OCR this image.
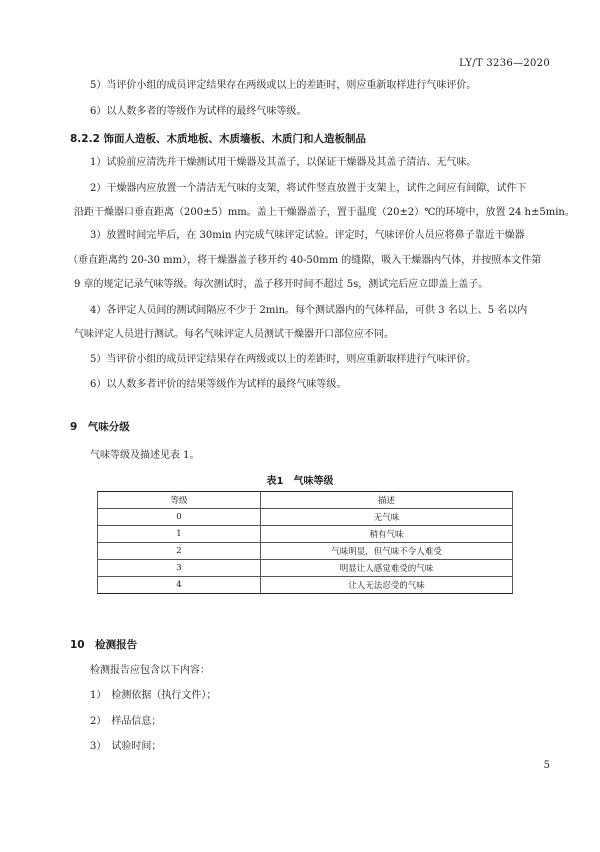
LY/T 3236—2020
5）当评价小组的成员评定结果存在两级或以上的差距时，则应重新取样进行气味评价。
6）以人数多者的等级作为试样的最终气味等级。
8.2.2 饰面人造板、木质地板、木质墙板、木质门和人造板制品
1）试验前应清洗并干燥测试用干燥器及其盖子，以保证干燥器及其盖子清洁、无气味。
2）干燥器内应放置一个清洁无气味的支架，将试件竖直放置于支架上，试件之间应有间隙，试件下
沿距干燥器口垂直距离（200±5）mm。盖上干燥器盖子，置于温度（20±2）℃的环境中，放置 24 h±5min。
3）放置时间完毕后，在 30min 内完成气味评定试验。评定时，气味评价人员应将鼻子靠近干燥器
（垂直距离约 20-30 mm），将干燥器盖子移开约 40-50mm 的缝隙，吸入干燥器内气体，并按照本文件第
9 章的规定记录气味等级。每次测试时，盖子移开时间不超过 5s，测试完后应立即盖上盖子。
4）各评定人员间的测试间隔应不少于 2min。每个测试器内的气体样品，可供 3 名以上、5 名以内
气味评定人员进行测试。每名气味评定人员测试干燥器开口部位应不同。
5）当评价小组的成员评定结果存在两级或以上的差距时，则应重新取样进行气味评价。
6）以人数多者评价的结果等级作为试样的最终气味等级。
9　气味分级
气味等级及描述见表 1。
表1　气味等级
等级	描述
0	无气味
1	稍有气味
2	气味明显，但气味不令人难受
3	明显让人感觉难受的气味
4	让人无法忍受的气味
10　检测报告
检测报告应包含以下内容：
1）　检测依据（执行文件）；
2）　样品信息；
3）　试验时间；
5
